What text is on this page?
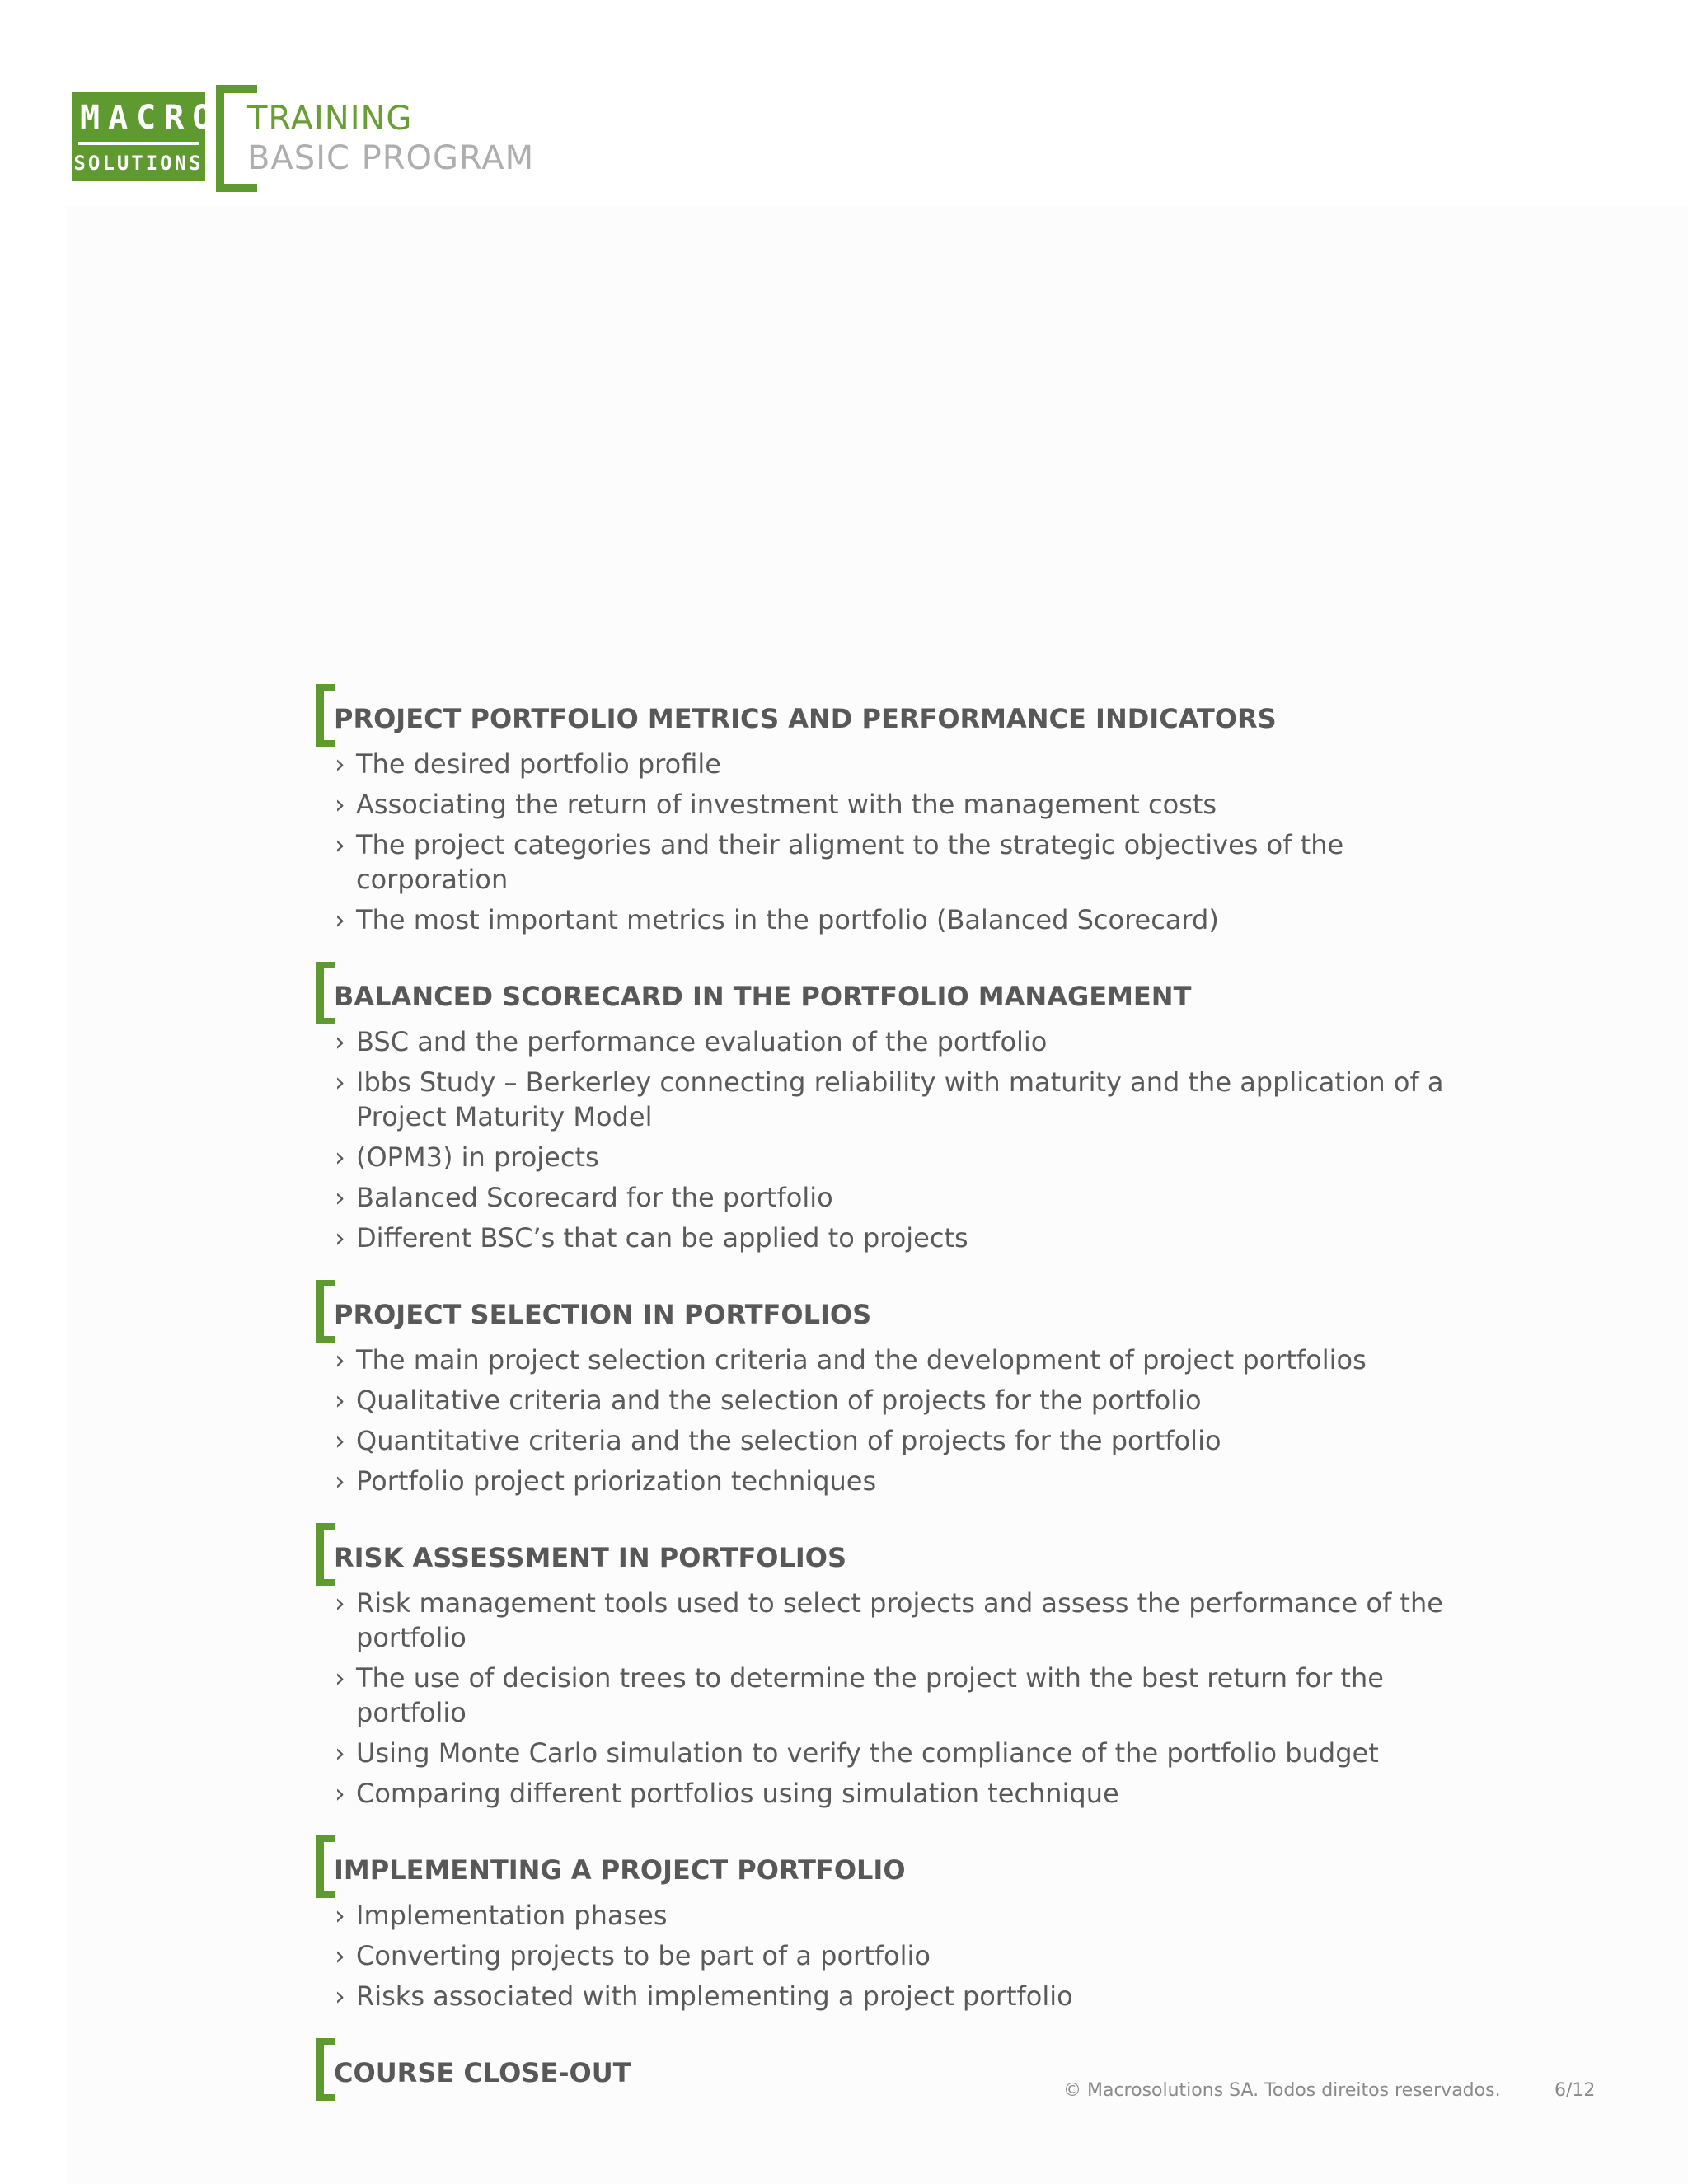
MACRO
SOLUTIONS
TRAINING
BASIC PROGRAM
PROJECT PORTFOLIO METRICS AND PERFORMANCE INDICATORS
› The desired portfolio profile
› Associating the return of investment with the management costs
› The project categories and their aligment to the strategic objectives of the corporation
› The most important metrics in the portfolio (Balanced Scorecard)
BALANCED SCORECARD IN THE PORTFOLIO MANAGEMENT
› BSC and the performance evaluation of the portfolio
› Ibbs Study – Berkerley connecting reliability with maturity and the application of a Project Maturity Model
› (OPM3) in projects
› Balanced Scorecard for the portfolio
› Different BSC’s that can be applied to projects
PROJECT SELECTION IN PORTFOLIOS
› The main project selection criteria and the development of project portfolios
› Qualitative criteria and the selection of projects for the portfolio
› Quantitative criteria and the selection of projects for the portfolio
› Portfolio project priorization techniques
RISK ASSESSMENT IN PORTFOLIOS
› Risk management tools used to select projects and assess the performance of the portfolio
› The use of decision trees to determine the project with the best return for the portfolio
› Using Monte Carlo simulation to verify the compliance of the portfolio budget
› Comparing different portfolios using simulation technique
IMPLEMENTING A PROJECT PORTFOLIO
› Implementation phases
› Converting projects to be part of a portfolio
› Risks associated with implementing a project portfolio
COURSE CLOSE-OUT
© Macrosolutions SA. Todos direitos reservados.	6/12
